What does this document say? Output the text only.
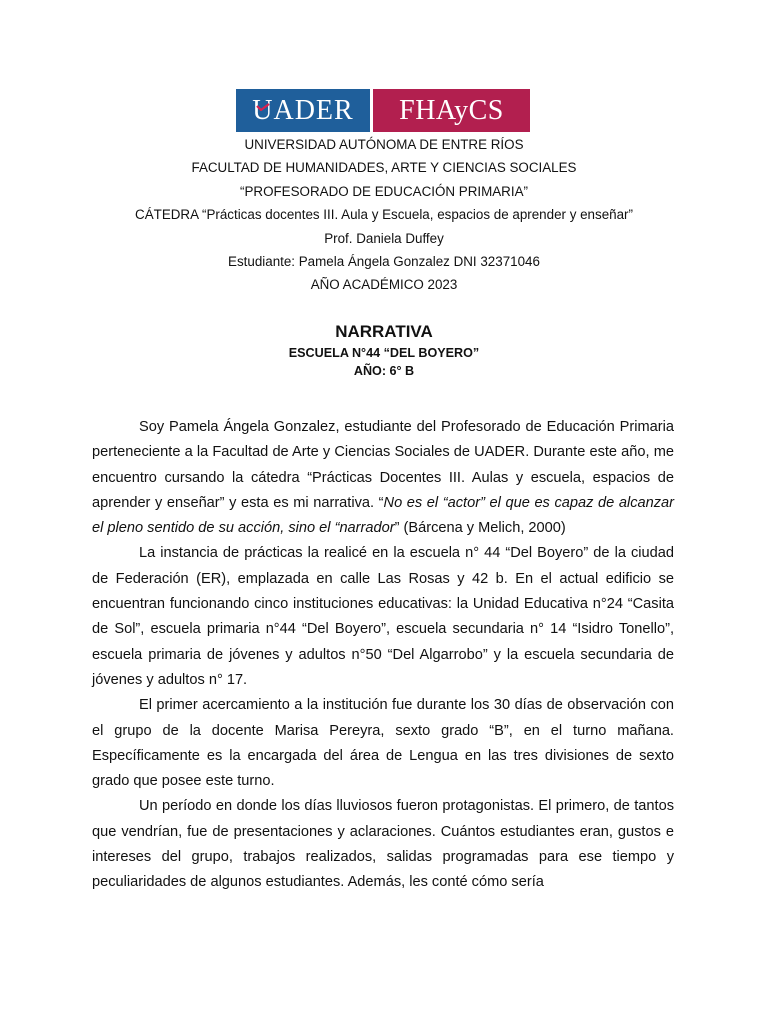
UADER FHAyCS
UNIVERSIDAD AUTÓNOMA DE ENTRE RÍOS
FACULTAD DE HUMANIDADES, ARTE Y CIENCIAS SOCIALES
“PROFESORADO DE EDUCACIÓN PRIMARIA”
CÁTEDRA “Prácticas docentes III. Aula y Escuela, espacios de aprender y enseñar”
Prof. Daniela Duffey
Estudiante: Pamela Ángela Gonzalez DNI 32371046
AÑO ACADÉMICO 2023
NARRATIVA
ESCUELA N°44 “DEL BOYERO”
AÑO: 6° B

Soy Pamela Ángela Gonzalez, estudiante del Profesorado de Educación Primaria perteneciente a la Facultad de Arte y Ciencias Sociales de UADER. Durante este año, me encuentro cursando la cátedra “Prácticas Docentes III. Aulas y escuela, espacios de aprender y enseñar” y esta es mi narrativa. “No es el “actor” el que es capaz de alcanzar el pleno sentido de su acción, sino el “narrador” (Bárcena y Melich, 2000)

La instancia de prácticas la realicé en la escuela n° 44 “Del Boyero” de la ciudad de Federación (ER), emplazada en calle Las Rosas y 42 b. En el actual edificio se encuentran funcionando cinco instituciones educativas: la Unidad Educativa n°24 “Casita de Sol”, escuela primaria n°44 “Del Boyero”, escuela secundaria n° 14 “Isidro Tonello”, escuela primaria de jóvenes y adultos n°50 “Del Algarrobo” y la escuela secundaria de jóvenes y adultos n° 17.

El primer acercamiento a la institución fue durante los 30 días de observación con el grupo de la docente Marisa Pereyra, sexto grado “B”, en el turno mañana. Específicamente es la encargada del área de Lengua en las tres divisiones de sexto grado que posee este turno.

Un período en donde los días lluviosos fueron protagonistas. El primero, de tantos que vendrían, fue de presentaciones y aclaraciones. Cuántos estudiantes eran, gustos e intereses del grupo, trabajos realizados, salidas programadas para ese tiempo y peculiaridades de algunos estudiantes. Además, les conté cómo sería
